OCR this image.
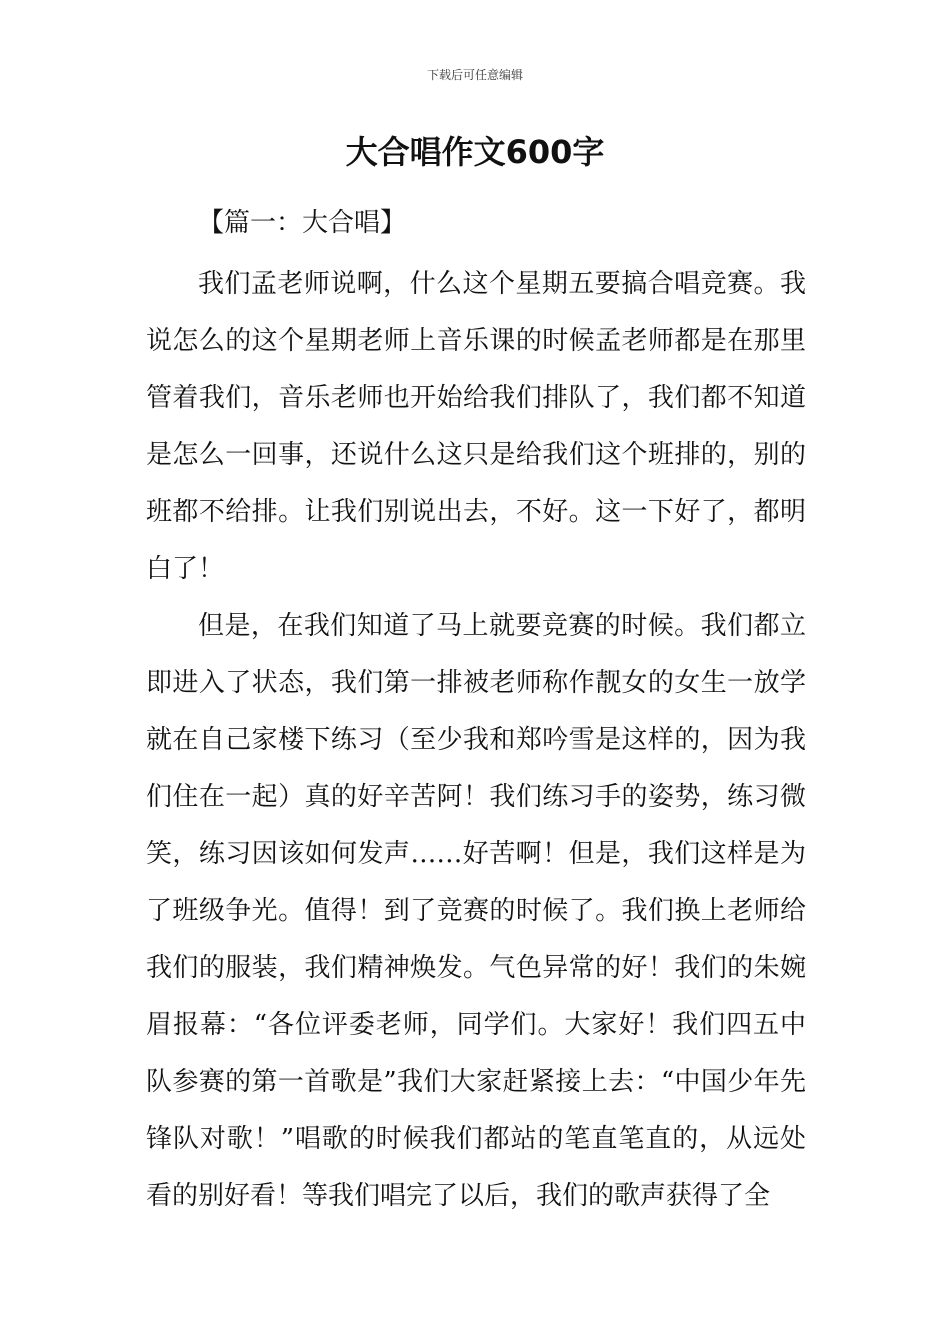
下载后可任意编辑
大合唱作文600字
【篇一：大合唱】

我们孟老师说啊，什么这个星期五要搞合唱竞赛。我说怎么的这个星期老师上音乐课的时候孟老师都是在那里管着我们，音乐老师也开始给我们排队了，我们都不知道是怎么一回事，还说什么这只是给我们这个班排的，别的班都不给排。让我们别说出去，不好。这一下好了，都明白了！

但是，在我们知道了马上就要竞赛的时候。我们都立即进入了状态，我们第一排被老师称作靓女的女生一放学就在自己家楼下练习（至少我和郑吟雪是这样的，因为我们住在一起）真的好辛苦阿！我们练习手的姿势，练习微笑，练习因该如何发声……好苦啊！但是，我们这样是为了班级争光。值得！到了竞赛的时候了。我们换上老师给我们的服装，我们精神焕发。气色异常的好！我们的朱婉眉报幕：“各位评委老师，同学们。大家好！我们四五中队参赛的第一首歌是”我们大家赶紧接上去：“中国少年先锋队对歌！”唱歌的时候我们都站的笔直笔直的，从远处看的别好看！等我们唱完了以后，我们的歌声获得了全
